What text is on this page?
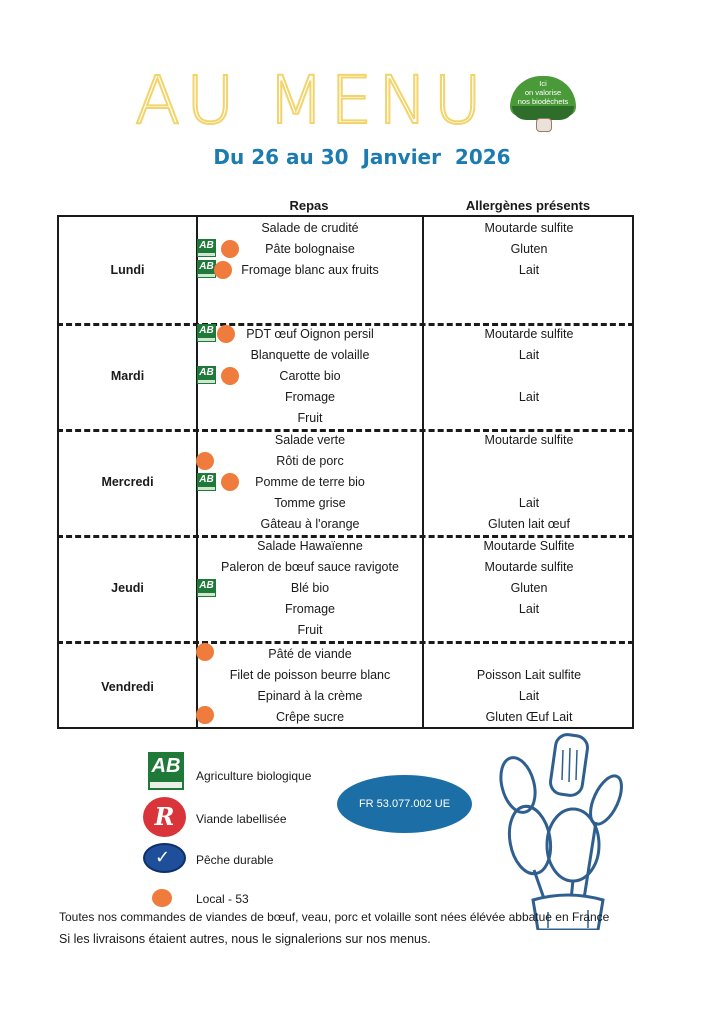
AU MENU	Ici
on valorise
nos biodéchets
Du 26 au 30  Janvier  2026
Repas	Allergènes présents
Lundi
Salade de crudité
Pâte bolognaise
Fromage blanc aux fruits
Moutarde sulfite
Gluten
Lait
AB
AB
Mardi
PDT œuf Oignon persil
Blanquette de volaille
Carotte bio
Fromage
Fruit
Moutarde sulfite
Lait
Lait
AB
AB
Mercredi
Salade verte
Rôti de porc
Pomme de terre bio
Tomme grise
Gâteau à l'orange
Moutarde sulfite
Lait
Gluten lait œuf
AB
Jeudi
Salade Hawaïenne
Paleron de bœuf sauce ravigote
Blé bio
Fromage
Fruit
Moutarde Sulfite
Moutarde sulfite
Gluten
Lait
AB
Vendredi
Pâté de viande
Filet de poisson beurre blanc
Epinard à la crème
Crêpe sucre
Poisson Lait sulfite
Lait
Gluten Œuf Lait
AB Agriculture biologique
R	Viande labellisée
✓
Pêche durable
Local - 53
FR 53.077.002 UE
Toutes nos commandes de viandes de bœuf, veau, porc et volaille sont nées élévée abbatue en France
Si les livraisons étaient autres, nous le signalerions sur nos menus.
